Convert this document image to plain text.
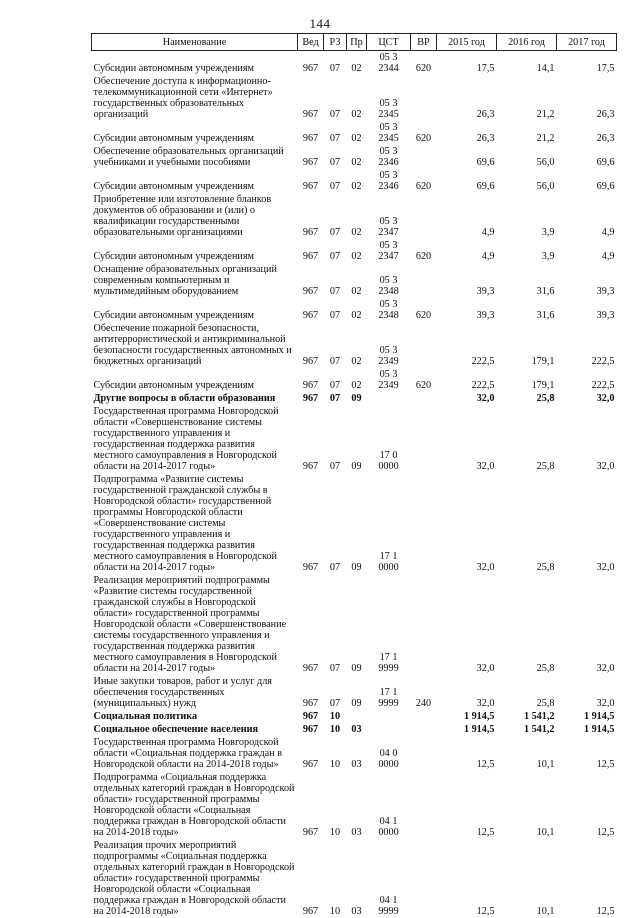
144
Наименование	Вед	РЗ	Пр	ЦСТ	ВР	2015 год	2016 год	2017 год
Субсидии автономным учреждениям	967	07	02	05 3 2344	620	17,5	14,1	17,5
Обеспечение доступа к информационно-телекоммуникационной сети «Интернет» государственных образовательных организаций	967	07	02	05 3 2345		26,3	21,2	26,3
Субсидии автономным учреждениям	967	07	02	05 3 2345	620	26,3	21,2	26,3
Обеспечение образовательных организаций учебниками и учебными пособиями	967	07	02	05 3 2346		69,6	56,0	69,6
Субсидии автономным учреждениям	967	07	02	05 3 2346	620	69,6	56,0	69,6
Приобретение или изготовление бланков документов об образовании и (или) о квалификации государственными образовательными организациями	967	07	02	05 3 2347		4,9	3,9	4,9
Субсидии автономным учреждениям	967	07	02	05 3 2347	620	4,9	3,9	4,9
Оснащение образовательных организаций современным компьютерным и мультимедийным оборудованием	967	07	02	05 3 2348		39,3	31,6	39,3
Субсидии автономным учреждениям	967	07	02	05 3 2348	620	39,3	31,6	39,3
Обеспечение пожарной безопасности, антитеррористической и антикриминальной безопасности государственных автономных и бюджетных организаций	967	07	02	05 3 2349		222,5	179,1	222,5
Субсидии автономным учреждениям	967	07	02	05 3 2349	620	222,5	179,1	222,5
Другие вопросы в области образования	967	07	09			32,0	25,8	32,0
Государственная программа Новгородской области «Совершенствование системы государственного управления и государственная поддержка развития местного самоуправления в Новгородской области на 2014-2017 годы»	967	07	09	17 0 0000		32,0	25,8	32,0
Подпрограмма «Развитие системы государственной гражданской службы в Новгородской области» государственной программы Новгородской области «Совершенствование системы государственного управления и государственная поддержка развития местного самоуправления в Новгородской области на 2014-2017 годы»	967	07	09	17 1 0000		32,0	25,8	32,0
Реализация мероприятий подпрограммы «Развитие системы государственной гражданской службы в Новгородской области» государственной программы Новгородской области «Совершенствование системы государственного управления и государственная поддержка развития местного самоуправления в Новгородской области на 2014-2017 годы»	967	07	09	17 1 9999		32,0	25,8	32,0
Иные закупки товаров, работ и услуг для обеспечения государственных (муниципальных) нужд	967	07	09	17 1 9999	240	32,0	25,8	32,0
Социальная политика	967	10				1 914,5	1 541,2	1 914,5
Социальное обеспечение населения	967	10	03			1 914,5	1 541,2	1 914,5
Государственная программа Новгородской области «Социальная поддержка граждан в Новгородской области на 2014-2018 годы»	967	10	03	04 0 0000		12,5	10,1	12,5
Подпрограмма «Социальная поддержка отдельных категорий граждан в Новгородской области» государственной программы Новгородской области «Социальная поддержка граждан в Новгородской области на 2014-2018 годы»	967	10	03	04 1 0000		12,5	10,1	12,5
Реализация прочих мероприятий подпрограммы «Социальная поддержка отдельных категорий граждан в Новгородской области» государственной программы Новгородской области «Социальная поддержка граждан в Новгородской области на 2014-2018 годы»	967	10	03	04 1 9999		12,5	10,1	12,5
